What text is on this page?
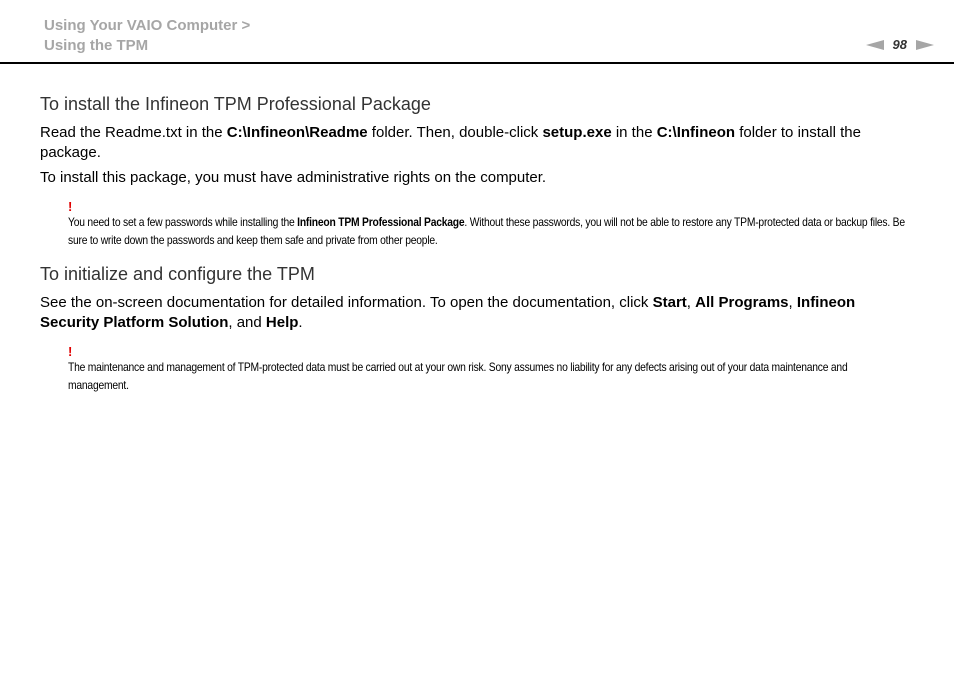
Using Your VAIO Computer >
Using the TPM	98
To install the Infineon TPM Professional Package

Read the Readme.txt in the C:\Infineon\Readme folder. Then, double-click setup.exe in the C:\Infineon folder to install the package.

To install this package, you must have administrative rights on the computer.

!
You need to set a few passwords while installing the Infineon TPM Professional Package. Without these passwords, you will not be able to restore any TPM-protected data or backup files. Be sure to write down the passwords and keep them safe and private from other people.
To initialize and configure the TPM

See the on-screen documentation for detailed information. To open the documentation, click Start, All Programs, Infineon Security Platform Solution, and Help.

!
The maintenance and management of TPM-protected data must be carried out at your own risk. Sony assumes no liability for any defects arising out of your data maintenance and management.
